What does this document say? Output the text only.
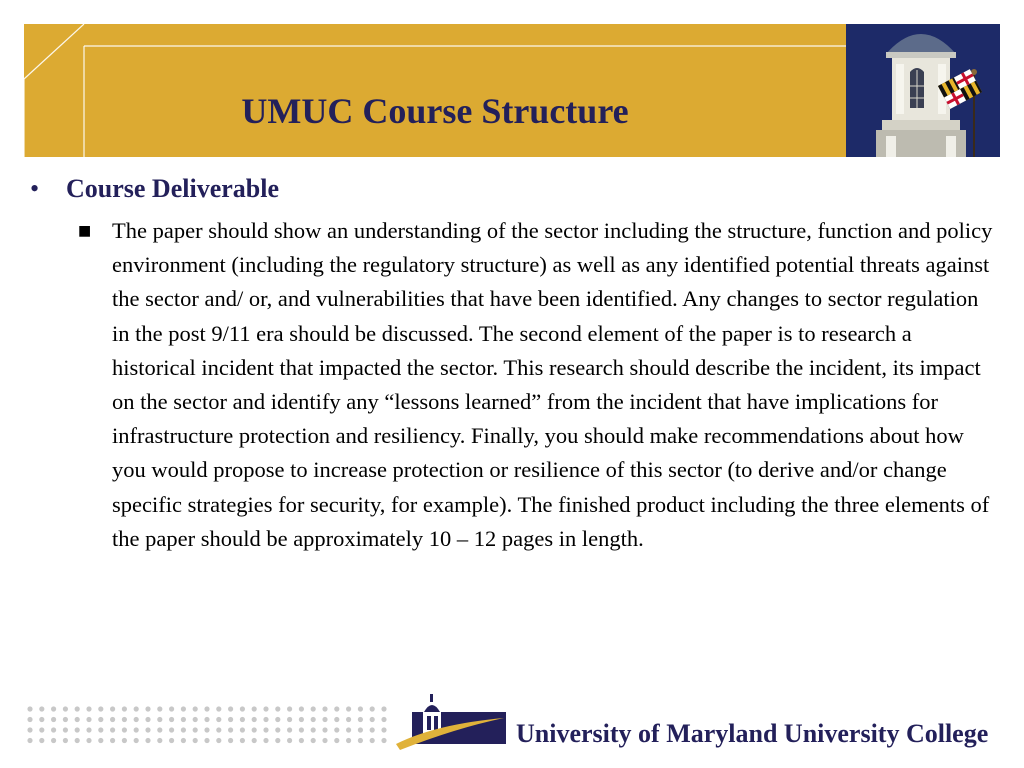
UMUC Course Structure
•	Course Deliverable
■ The paper should show an understanding of the sector including the structure, function and policy environment (including the regulatory structure) as well as any identified potential threats against the sector and/ or, and vulnerabilities that have been identified. Any changes to sector regulation in the post 9/11 era should be discussed. The second element of the paper is to research a historical incident that impacted the sector. This research should describe the incident, its impact on the sector and identify any “lessons learned” from the incident that have implications for infrastructure protection and resiliency. Finally, you should make recommendations about how you would propose to increase protection or resilience of this sector (to derive and/or change specific strategies for security, for example). The finished product including the three elements of the paper should be approximately 10 – 12 pages in length.

University of Maryland University College
